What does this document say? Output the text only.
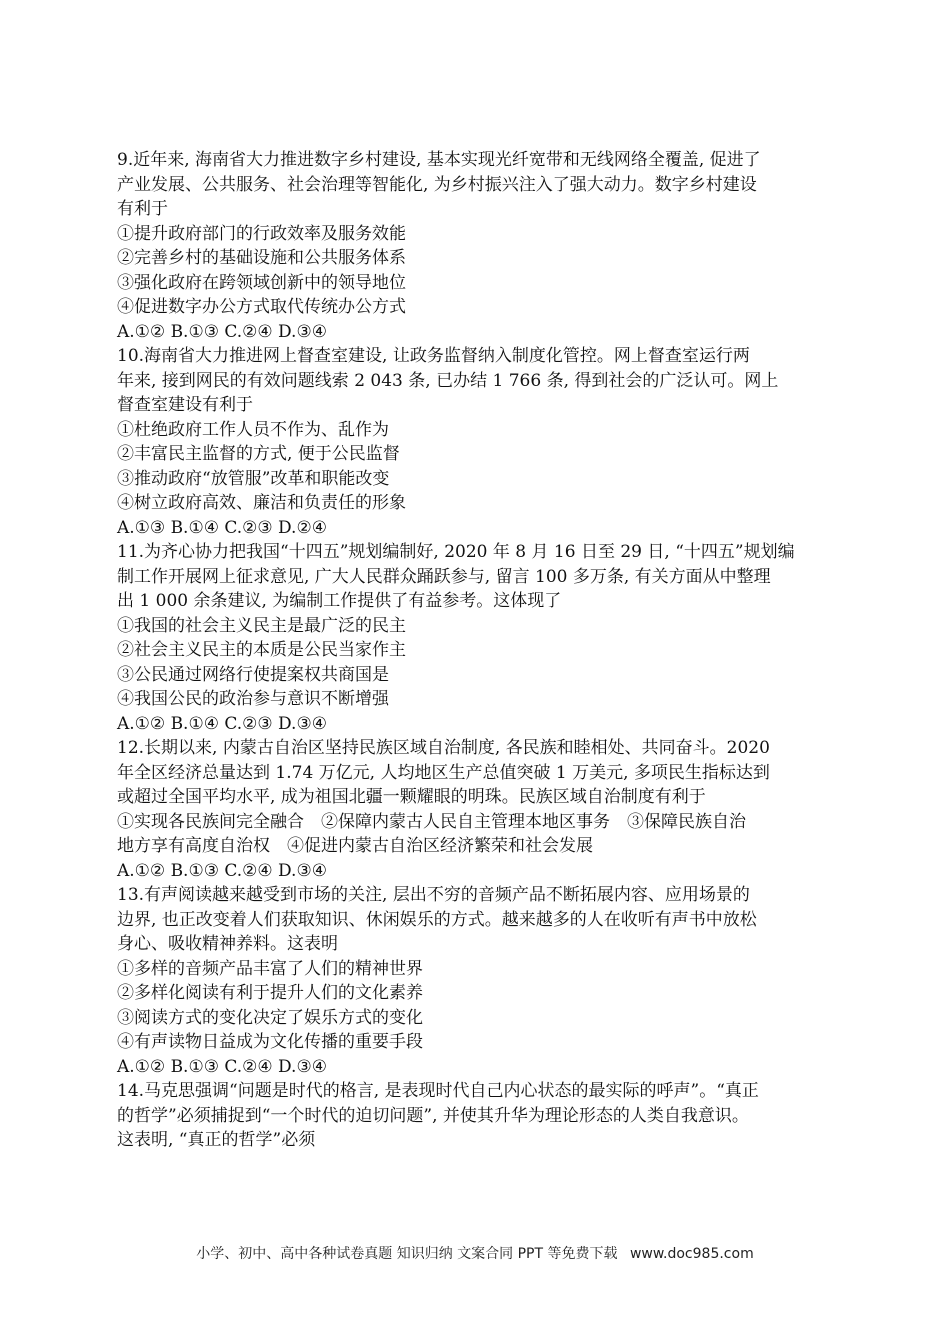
9.近年来, 海南省大力推进数字乡村建设, 基本实现光纤宽带和无线网络全覆盖, 促进了
产业发展、公共服务、社会治理等智能化, 为乡村振兴注入了强大动力。数字乡村建设
有利于
①提升政府部门的行政效率及服务效能
②完善乡村的基础设施和公共服务体系
③强化政府在跨领域创新中的领导地位
④促进数字办公方式取代传统办公方式
A.①② B.①③ C.②④ D.③④
10.海南省大力推进网上督查室建设, 让政务监督纳入制度化管控。网上督查室运行两
年来, 接到网民的有效问题线索 2 043 条, 已办结 1 766 条, 得到社会的广泛认可。网上
督查室建设有利于
①杜绝政府工作人员不作为、乱作为
②丰富民主监督的方式, 便于公民监督
③推动政府“放管服”改革和职能改变
④树立政府高效、廉洁和负责任的形象
A.①③ B.①④ C.②③ D.②④
11.为齐心协力把我国“十四五”规划编制好, 2020 年 8 月 16 日至 29 日, “十四五”规划编
制工作开展网上征求意见, 广大人民群众踊跃参与, 留言 100 多万条, 有关方面从中整理
出 1 000 余条建议, 为编制工作提供了有益参考。这体现了
①我国的社会主义民主是最广泛的民主
②社会主义民主的本质是公民当家作主
③公民通过网络行使提案权共商国是
④我国公民的政治参与意识不断增强
A.①② B.①④ C.②③ D.③④
12.长期以来, 内蒙古自治区坚持民族区域自治制度, 各民族和睦相处、共同奋斗。2020
年全区经济总量达到 1.74 万亿元, 人均地区生产总值突破 1 万美元, 多项民生指标达到
或超过全国平均水平, 成为祖国北疆一颗耀眼的明珠。民族区域自治制度有利于
①实现各民族间完全融合　②保障内蒙古人民自主管理本地区事务　③保障民族自治
地方享有高度自治权　④促进内蒙古自治区经济繁荣和社会发展
A.①② B.①③ C.②④ D.③④
13.有声阅读越来越受到市场的关注, 层出不穷的音频产品不断拓展内容、应用场景的
边界, 也正改变着人们获取知识、休闲娱乐的方式。越来越多的人在收听有声书中放松
身心、吸收精神养料。这表明
①多样的音频产品丰富了人们的精神世界
②多样化阅读有利于提升人们的文化素养
③阅读方式的变化决定了娱乐方式的变化
④有声读物日益成为文化传播的重要手段
A.①② B.①③ C.②④ D.③④
14.马克思强调“问题是时代的格言, 是表现时代自己内心状态的最实际的呼声”。“真正
的哲学”必须捕捉到“一个时代的迫切问题”, 并使其升华为理论形态的人类自我意识。
这表明, “真正的哲学”必须
小学、初中、高中各种试卷真题 知识归纳 文案合同 PPT 等免费下载 www.doc985.com
